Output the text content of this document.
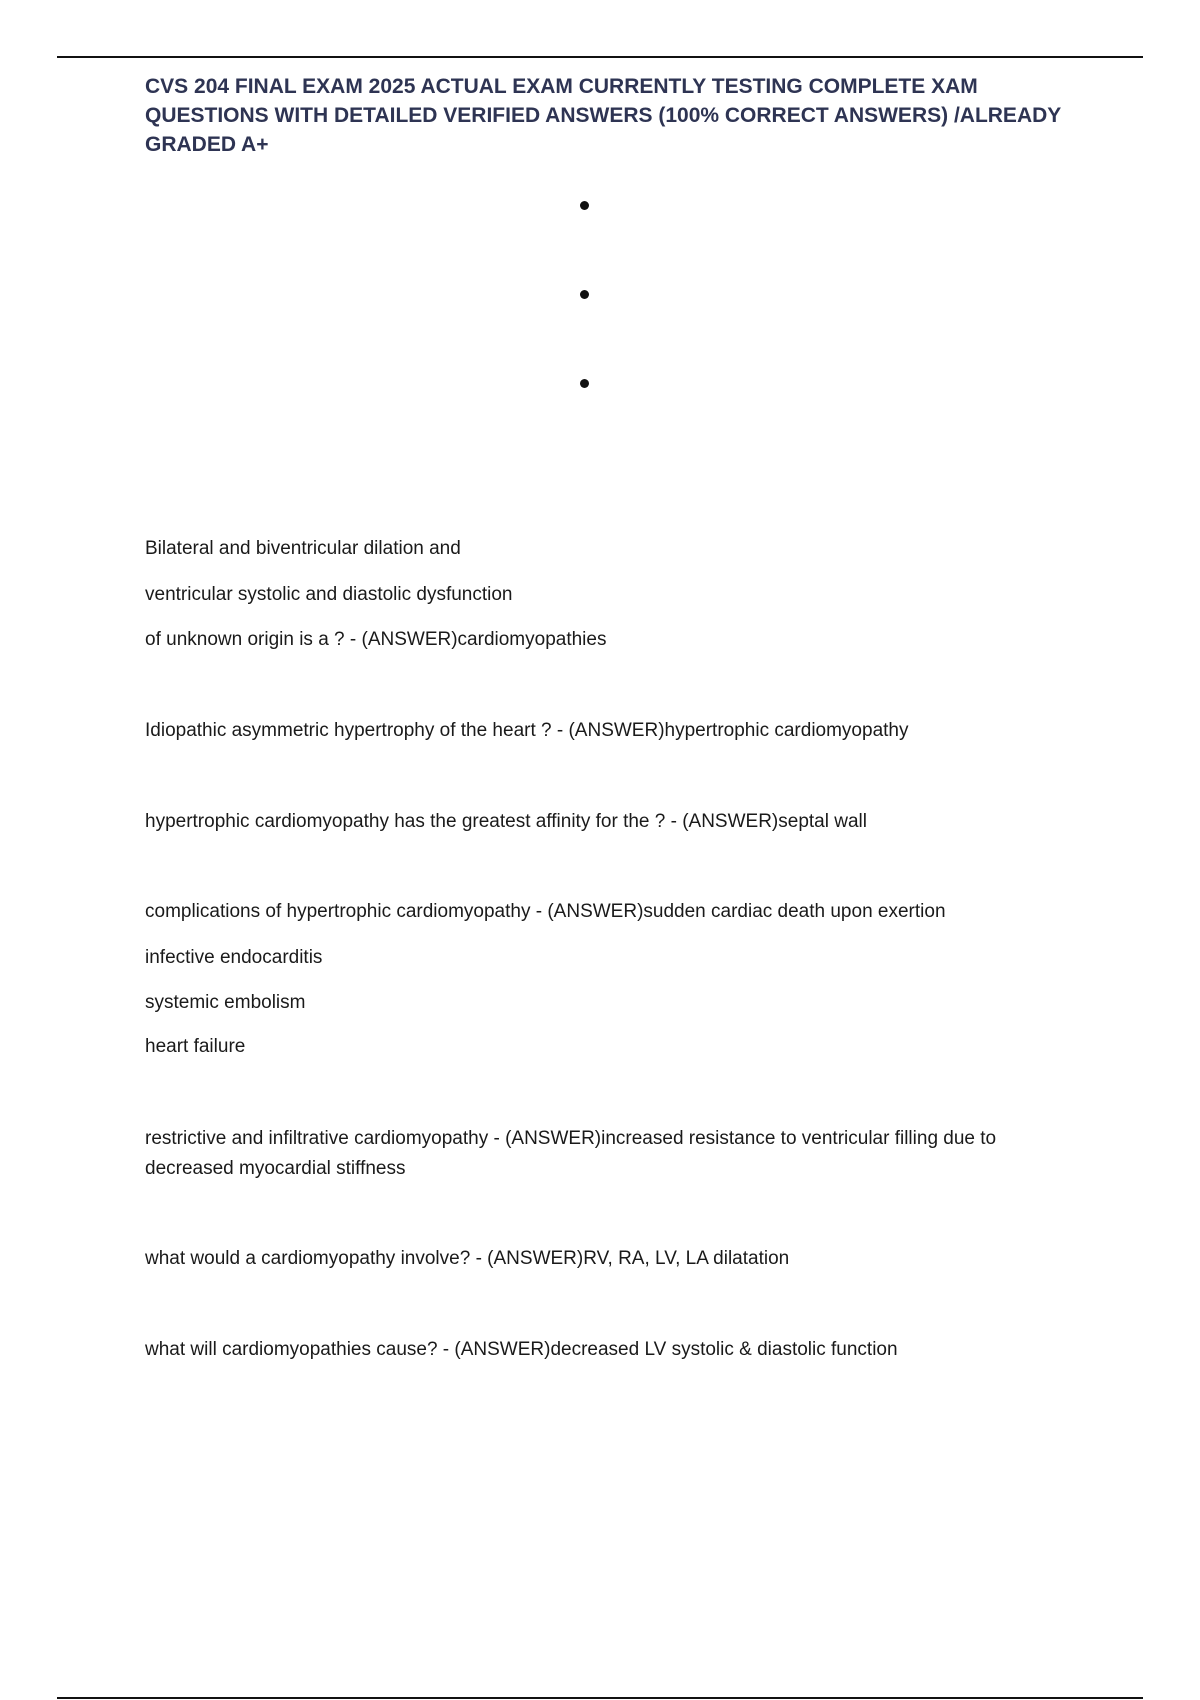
CVS 204 FINAL EXAM 2025 ACTUAL EXAM CURRENTLY TESTING COMPLETE XAM QUESTIONS WITH DETAILED VERIFIED ANSWERS (100% CORRECT ANSWERS) /ALREADY GRADED A+

Bilateral and biventricular dilation and

ventricular systolic and diastolic dysfunction

of unknown origin is a ? - (ANSWER)cardiomyopathies

Idiopathic asymmetric hypertrophy of the heart ? - (ANSWER)hypertrophic cardiomyopathy

hypertrophic cardiomyopathy has the greatest affinity for the ? - (ANSWER)septal wall

complications of hypertrophic cardiomyopathy - (ANSWER)sudden cardiac death upon exertion

infective endocarditis

systemic embolism

heart failure

restrictive and infiltrative cardiomyopathy - (ANSWER)increased resistance to ventricular filling due to decreased myocardial stiffness

what would a cardiomyopathy involve? - (ANSWER)RV, RA, LV, LA dilatation

what will cardiomyopathies cause? - (ANSWER)decreased LV systolic & diastolic function
